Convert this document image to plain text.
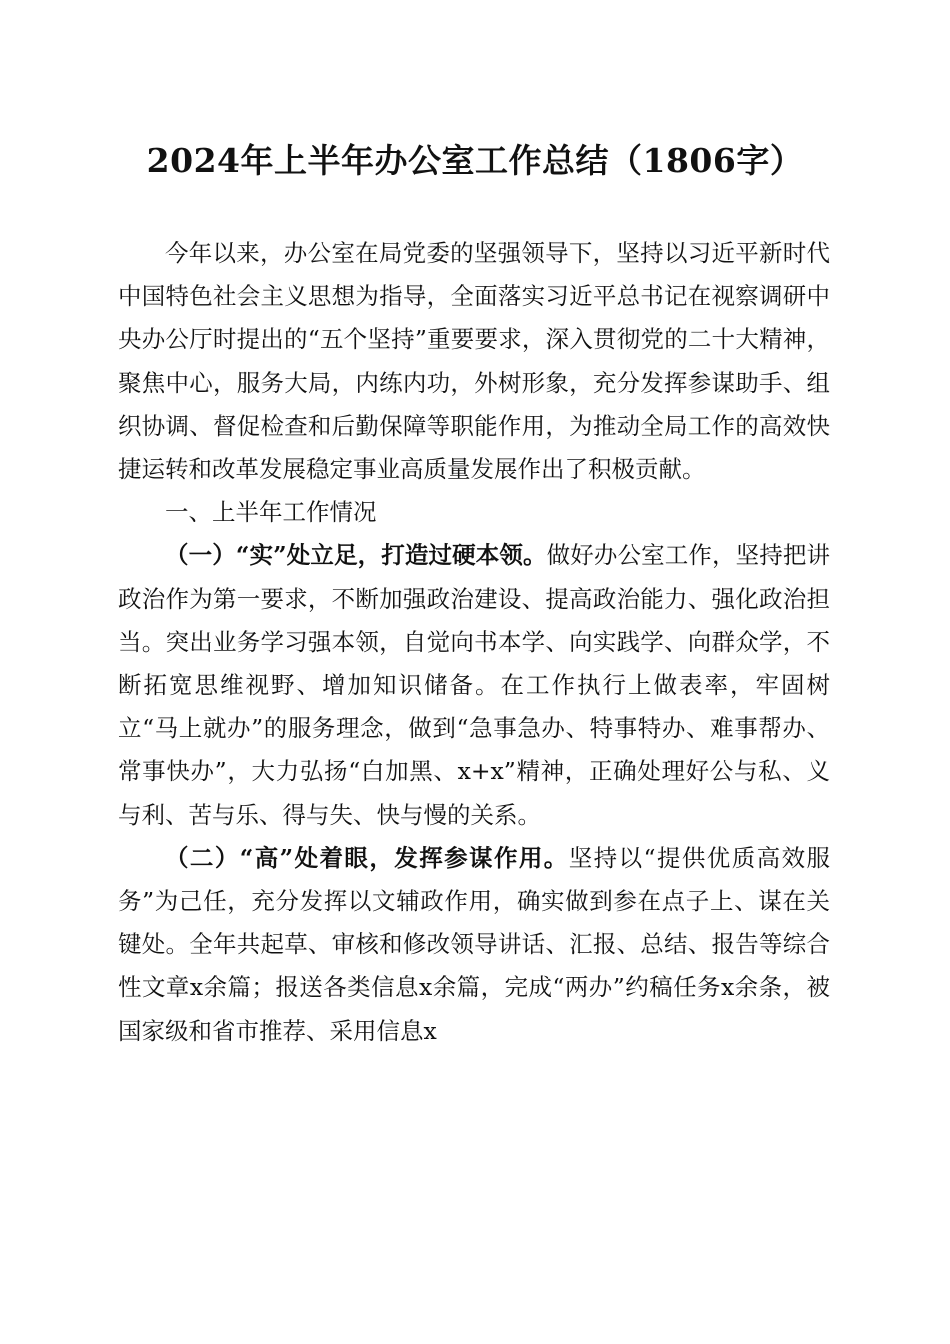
2024年上半年办公室工作总结（1806字）

今年以来，办公室在局党委的坚强领导下，坚持以习近平新时代中国特色社会主义思想为指导，全面落实习近平总书记在视察调研中央办公厅时提出的“五个坚持”重要要求，深入贯彻党的二十大精神，聚焦中心，服务大局，内练内功，外树形象，充分发挥参谋助手、组织协调、督促检查和后勤保障等职能作用，为推动全局工作的高效快捷运转和改革发展稳定事业高质量发展作出了积极贡献。

一、上半年工作情况

（一）“实”处立足，打造过硬本领。做好办公室工作，坚持把讲政治作为第一要求，不断加强政治建设、提高政治能力、强化政治担当。突出业务学习强本领，自觉向书本学、向实践学、向群众学，不断拓宽思维视野、增加知识储备。在工作执行上做表率，牢固树立“马上就办”的服务理念，做到“急事急办、特事特办、难事帮办、常事快办”，大力弘扬“白加黑、x+x”精神，正确处理好公与私、义与利、苦与乐、得与失、快与慢的关系。

（二）“高”处着眼，发挥参谋作用。坚持以“提供优质高效服务”为己任，充分发挥以文辅政作用，确实做到参在点子上、谋在关键处。全年共起草、审核和修改领导讲话、汇报、总结、报告等综合性文章x余篇；报送各类信息x余篇，完成“两办”约稿任务x余条，被国家级和省市推荐、采用信息x
